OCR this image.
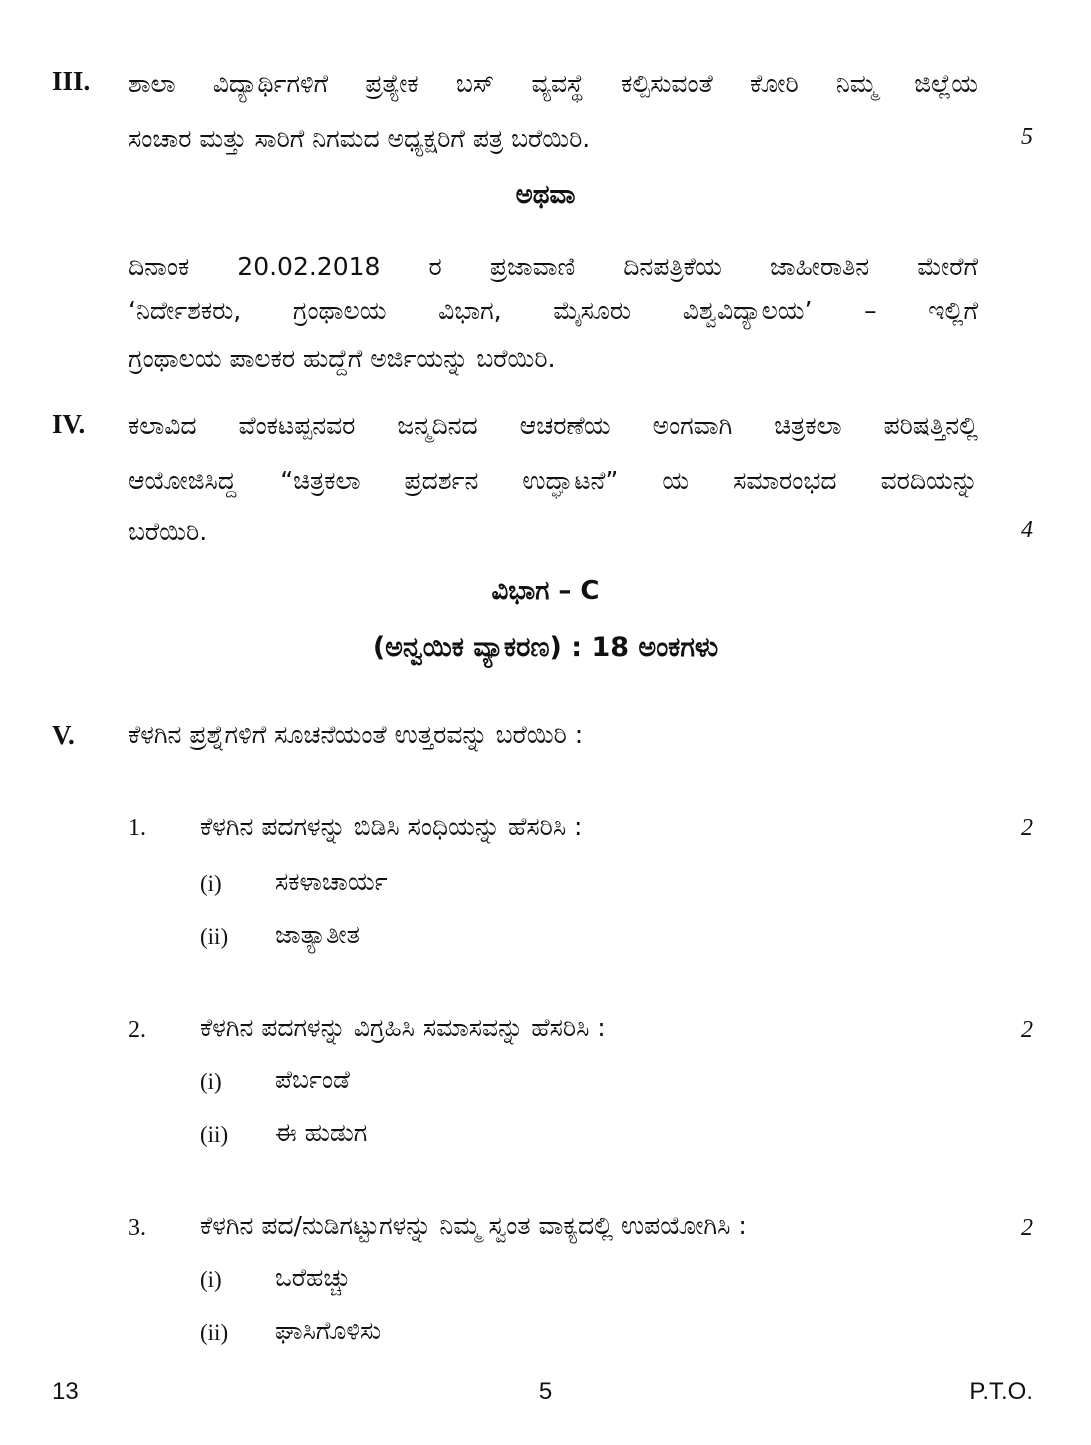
III. ಶಾಲಾ ವಿದ್ಯಾರ್ಥಿಗಳಿಗೆ ಪ್ರತ್ಯೇಕ ಬಸ್ ವ್ಯವಸ್ಥೆ ಕಲ್ಪಿಸುವಂತೆ ಕೋರಿ ನಿಮ್ಮ ಜಿಲ್ಲೆಯ
ಸಂಚಾರ ಮತ್ತು ಸಾರಿಗೆ ನಿಗಮದ ಅಧ್ಯಕ್ಷರಿಗೆ ಪತ್ರ ಬರೆಯಿರಿ.	5
ಅಥವಾ
ದಿನಾಂಕ 20.02.2018 ರ ಪ್ರಜಾವಾಣಿ ದಿನಪತ್ರಿಕೆಯ ಜಾಹೀರಾತಿನ ಮೇರೆಗೆ
‘ನಿರ್ದೇಶಕರು, ಗ್ರಂಥಾಲಯ ವಿಭಾಗ, ಮೈಸೂರು ವಿಶ್ವವಿದ್ಯಾಲಯ’ – ಇಲ್ಲಿಗೆ
ಗ್ರಂಥಾಲಯ ಪಾಲಕರ ಹುದ್ದೆಗೆ ಅರ್ಜಿಯನ್ನು ಬರೆಯಿರಿ.
IV. ಕಲಾವಿದ ವೆಂಕಟಪ್ಪನವರ ಜನ್ಮದಿನದ ಆಚರಣೆಯ ಅಂಗವಾಗಿ ಚಿತ್ರಕಲಾ ಪರಿಷತ್ತಿನಲ್ಲಿ
ಆಯೋಜಿಸಿದ್ದ “ಚಿತ್ರಕಲಾ ಪ್ರದರ್ಶನ ಉದ್ಘಾಟನೆ” ಯ ಸಮಾರಂಭದ ವರದಿಯನ್ನು
ಬರೆಯಿರಿ.	4
ವಿಭಾಗ – C
(ಅನ್ವಯಿಕ ವ್ಯಾಕರಣ) : 18 ಅಂಕಗಳು
V. ಕೆಳಗಿನ ಪ್ರಶ್ನೆಗಳಿಗೆ ಸೂಚನೆಯಂತೆ ಉತ್ತರವನ್ನು ಬರೆಯಿರಿ :
1. ಕೆಳಗಿನ ಪದಗಳನ್ನು ಬಿಡಿಸಿ ಸಂಧಿಯನ್ನು ಹೆಸರಿಸಿ :	2
(i) ಸಕಳಾಚಾರ್ಯ
(ii) ಜಾತ್ಯಾತೀತ
2. ಕೆಳಗಿನ ಪದಗಳನ್ನು ವಿಗ್ರಹಿಸಿ ಸಮಾಸವನ್ನು ಹೆಸರಿಸಿ :	2
(i) ಪೆರ್ಬಂಡೆ
(ii) ಈ ಹುಡುಗ
3. ಕೆಳಗಿನ ಪದ/ನುಡಿಗಟ್ಟುಗಳನ್ನು ನಿಮ್ಮ ಸ್ವಂತ ವಾಕ್ಯದಲ್ಲಿ ಉಪಯೋಗಿಸಿ :	2
(i) ಒರೆಹಚ್ಚು
(ii) ಘಾಸಿಗೊಳಿಸು
13	5	P.T.O.
